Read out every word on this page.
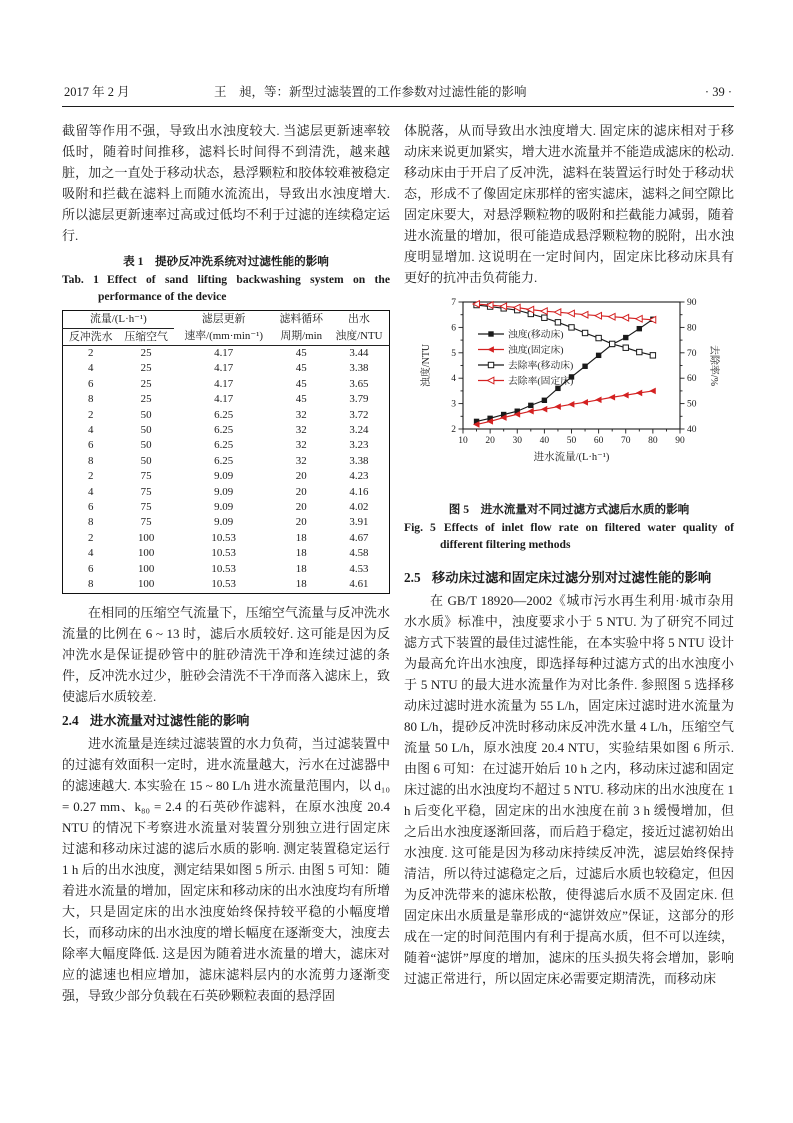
2017 年 2 月	王　昶，等：新型过滤装置的工作参数对过滤性能的影响	· 39 ·

截留等作用不强，导致出水浊度较大. 当滤层更新速率较低时，随着时间推移，滤料长时间得不到清洗，越来越脏，加之一直处于移动状态，悬浮颗粒和胶体较难被稳定吸附和拦截在滤料上而随水流流出，导致出水浊度增大. 所以滤层更新速率过高或过低均不利于过滤的连续稳定运行.

表 1　提砂反冲洗系统对过滤性能的影响
Tab. 1 Effect of sand lifting backwashing system on the performance of the device
流量/(L·h⁻¹)		滤层更新	滤料循环	出水
反冲洗水	压缩空气	速率/(mm·min⁻¹)	周期/min	浊度/NTU
2	25	4.17	45	3.44
4	25	4.17	45	3.38
6	25	4.17	45	3.65
8	25	4.17	45	3.79
2	50	6.25	32	3.72
4	50	6.25	32	3.24
6	50	6.25	32	3.23
8	50	6.25	32	3.38
2	75	9.09	20	4.23
4	75	9.09	20	4.16
6	75	9.09	20	4.02
8	75	9.09	20	3.91
2	100	10.53	18	4.67
4	100	10.53	18	4.58
6	100	10.53	18	4.53
8	100	10.53	18	4.61

在相同的压缩空气流量下，压缩空气流量与反冲洗水流量的比例在 6 ~ 13 时，滤后水质较好. 这可能是因为反冲洗水是保证提砂管中的脏砂清洗干净和连续过滤的条件，反冲洗水过少，脏砂会清洗不干净而落入滤床上，致使滤后水质较差.

2.4 进水流量对过滤性能的影响

进水流量是连续过滤装置的水力负荷，当过滤装置中的过滤有效面积一定时，进水流量越大，污水在过滤器中的滤速越大. 本实验在 15 ~ 80 L/h 进水流量范围内，以 d₁₀ = 0.27 mm、k₈₀ = 2.4 的石英砂作滤料，在原水浊度 20.4 NTU 的情况下考察进水流量对装置分别独立进行固定床过滤和移动床过滤的滤后水质的影响. 测定装置稳定运行 1 h 后的出水浊度，测定结果如图 5 所示. 由图 5 可知：随着进水流量的增加，固定床和移动床的出水浊度均有所增大，只是固定床的出水浊度始终保持较平稳的小幅度增长，而移动床的出水浊度的增长幅度在逐渐变大，浊度去除率大幅度降低. 这是因为随着进水流量的增大，滤床对应的滤速也相应增加，滤床滤料层内的水流剪力逐渐变强，导致少部分负载在石英砂颗粒表面的悬浮固

体脱落，从而导致出水浊度增大. 固定床的滤床相对于移动床来说更加紧实，增大进水流量并不能造成滤床的松动. 移动床由于开启了反冲洗，滤料在装置运行时处于移动状态，形成不了像固定床那样的密实滤床，滤料之间空隙比固定床要大，对悬浮颗粒物的吸附和拦截能力减弱，随着进水流量的增加，很可能造成悬浮颗粒物的脱附，出水浊度明显增加. 这说明在一定时间内，固定床比移动床具有更好的抗冲击负荷能力.

10 20 30 40 50 60 70 80 90
2
3
4
5
6
7
40
50
60
70
80
90
浊度/NTU	去除率/%
进水流量/(L·h⁻¹)
浊度(移动床)
浊度(固定床)
去除率(移动床)
去除率(固定床)
图 5　进水流量对不同过滤方式滤后水质的影响
Fig. 5 Effects of inlet flow rate on filtered water quality of different filtering methods
2.5 移动床过滤和固定床过滤分别对过滤性能的影响

在 GB/T 18920—2002《城市污水再生利用·城市杂用水水质》标准中，浊度要求小于 5 NTU. 为了研究不同过滤方式下装置的最佳过滤性能，在本实验中将 5 NTU 设计为最高允许出水浊度，即选择每种过滤方式的出水浊度小于 5 NTU 的最大进水流量作为对比条件. 参照图 5 选择移动床过滤时进水流量为 55 L/h，固定床过滤时进水流量为 80 L/h，提砂反冲洗时移动床反冲洗水量 4 L/h，压缩空气流量 50 L/h，原水浊度 20.4 NTU，实验结果如图 6 所示. 由图 6 可知：在过滤开始后 10 h 之内，移动床过滤和固定床过滤的出水浊度均不超过 5 NTU. 移动床的出水浊度在 1 h 后变化平稳，固定床的出水浊度在前 3 h 缓慢增加，但之后出水浊度逐渐回落，而后趋于稳定，接近过滤初始出水浊度. 这可能是因为移动床持续反冲洗，滤层始终保持清洁，所以待过滤稳定之后，过滤后水质也较稳定，但因为反冲洗带来的滤床松散，使得滤后水质不及固定床. 但固定床出水质量是靠形成的“滤饼效应”保证，这部分的形成在一定的时间范围内有利于提高水质，但不可以连续，随着“滤饼”厚度的增加，滤床的压头损失将会增加，影响过滤正常进行，所以固定床必需要定期清洗，而移动床
